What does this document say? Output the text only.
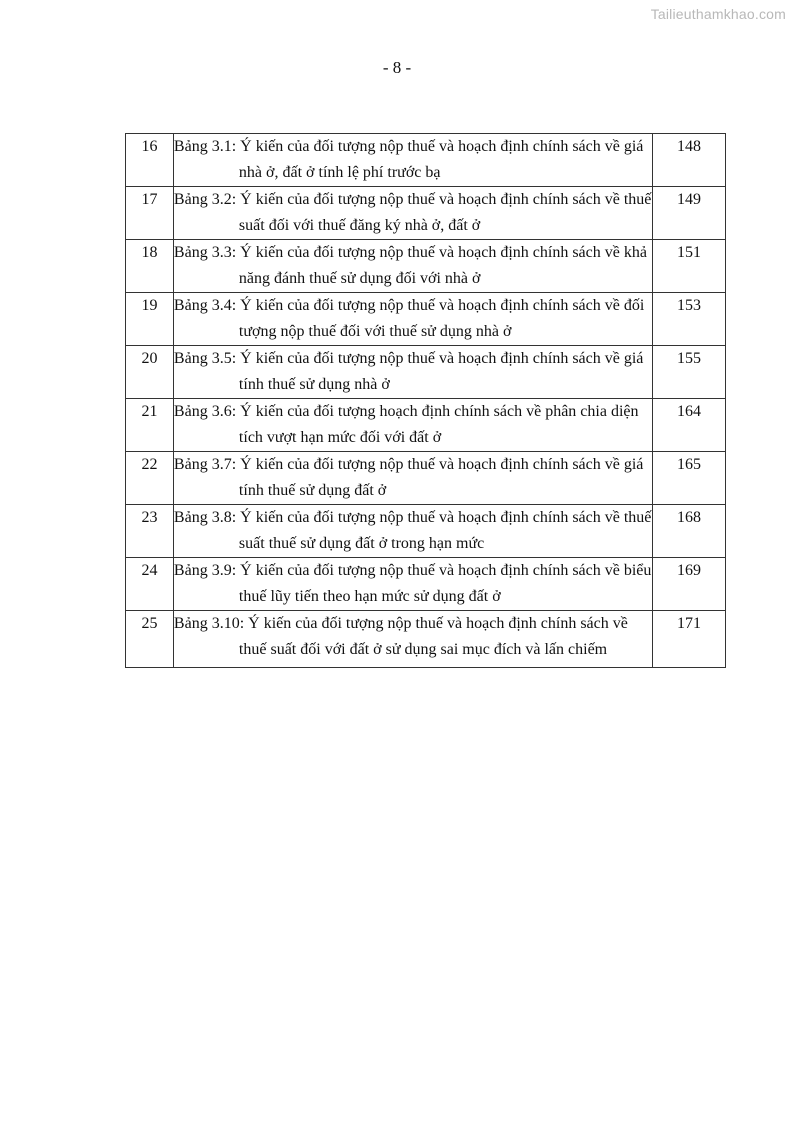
Tailieuthamkhao.com
- 8 -
16	Bảng 3.1: Ý kiến của đối tượng nộp thuế và hoạch định chính sách về giá nhà ở, đất ở tính lệ phí trước bạ	148
17	Bảng 3.2: Ý kiến của đối tượng nộp thuế và hoạch định chính sách về thuế suất đối với thuế đăng ký nhà ở, đất ở	149
18	Bảng 3.3: Ý kiến của đối tượng nộp thuế và hoạch định chính sách về khả năng đánh thuế sử dụng đối với nhà ở	151
19	Bảng 3.4: Ý kiến của đối tượng nộp thuế và hoạch định chính sách về đối tượng nộp thuế đối với thuế sử dụng nhà ở	153
20	Bảng 3.5: Ý kiến của đối tượng nộp thuế và hoạch định chính sách về giá tính thuế sử dụng nhà ở	155
21	Bảng 3.6: Ý kiến của đối tượng hoạch định chính sách về phân chia diện tích vượt hạn mức đối với đất ở	164
22	Bảng 3.7: Ý kiến của đối tượng nộp thuế và hoạch định chính sách về giá tính thuế sử dụng đất ở	165
23	Bảng 3.8: Ý kiến của đối tượng nộp thuế và hoạch định chính sách về thuế suất thuế sử dụng đất ở trong hạn mức	168
24	Bảng 3.9: Ý kiến của đối tượng nộp thuế và hoạch định chính sách về biểu thuế lũy tiến theo hạn mức sử dụng đất ở	169
25	Bảng 3.10: Ý kiến của đối tượng nộp thuế và hoạch định chính sách về thuế suất đối với đất ở sử dụng sai mục đích và lấn chiếm	171
